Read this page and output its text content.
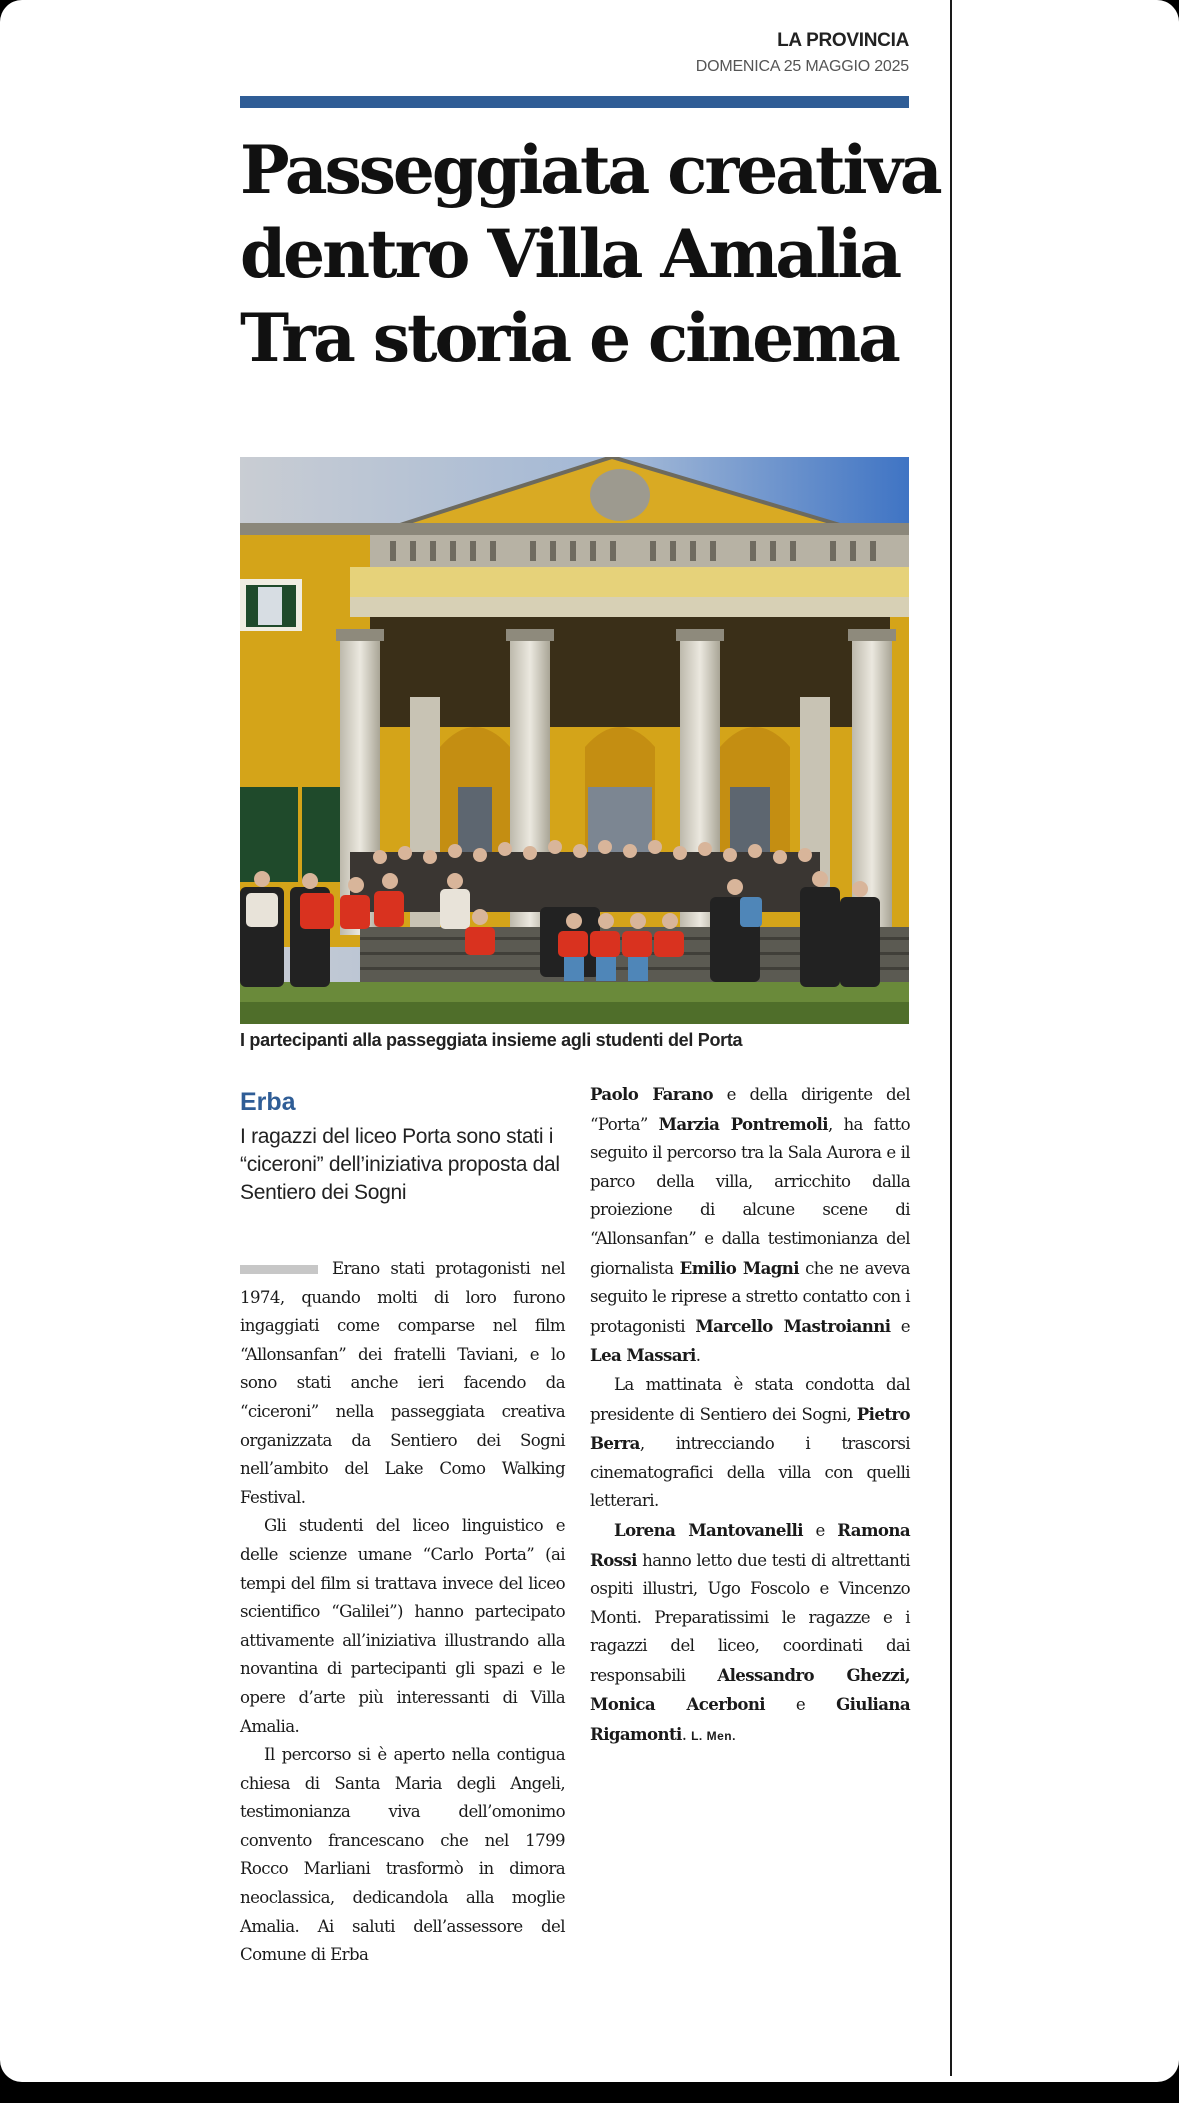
LA PROVINCIA
DOMENICA 25 MAGGIO 2025
Passeggiata creativa
dentro Villa Amalia
Tra storia e cinema
I partecipanti alla passeggiata insieme agli studenti del Porta
Erba
I ragazzi del liceo Porta sono stati i “ciceroni” dell’iniziativa proposta dal Sentiero dei Sogni

Erano stati protagonisti nel 1974, quando molti di loro furono ingaggiati come comparse nel film “Allonsanfan” dei fratelli Taviani, e lo sono stati anche ieri facendo da “ciceroni” nella passeggiata creativa organizzata da Sentiero dei Sogni nell’ambito del Lake Como Walking Festival.

Gli studenti del liceo linguistico e delle scienze umane “Carlo Porta” (ai tempi del film si trattava invece del liceo scientifico “Galilei”) hanno partecipato attivamente all’iniziativa illustrando alla novantina di partecipanti gli spazi e le opere d’arte più interessanti di Villa Amalia.

Il percorso si è aperto nella contigua chiesa di Santa Maria degli Angeli, testimonianza viva dell’omonimo convento francescano che nel 1799 Rocco Marliani trasformò in dimora neoclassica, dedicandola alla moglie Amalia. Ai saluti dell’assessore del Comune di Erba

Paolo Farano e della dirigente del “Porta” Marzia Pontremoli, ha fatto seguito il percorso tra la Sala Aurora e il parco della villa, arricchito dalla proiezione di alcune scene di “Allonsanfan” e dalla testimonianza del giornalista Emilio Magni che ne aveva seguito le riprese a stretto contatto con i protagonisti Marcello Mastroianni e Lea Massari.

La mattinata è stata condotta dal presidente di Sentiero dei Sogni, Pietro Berra, intrecciando i trascorsi cinematografici della villa con quelli letterari.

Lorena Mantovanelli e Ramona Rossi hanno letto due testi di altrettanti ospiti illustri, Ugo Foscolo e Vincenzo Monti. Preparatissimi le ragazze e i ragazzi del liceo, coordinati dai responsabili Alessandro Ghezzi, Monica Acerboni e Giuliana Rigamonti. L. Men.
